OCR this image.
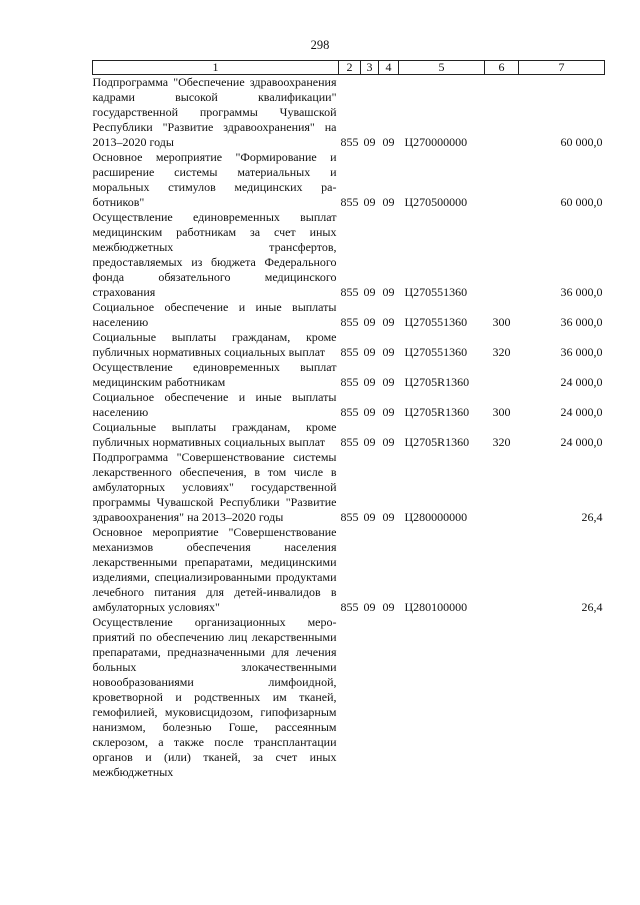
298
1	2	3	4	5	6	7
Подпрограмма "Обеспечение здравоохранения кадрами высокой квалификации" государственной программы Чувашской Республики "Развитие здравоохранения" на 2013–2020 годы	855	09	09	Ц270000000		60 000,0
Основное мероприятие "Формирование и расширение системы материальных и моральных стимулов медицинских работников"	855	09	09	Ц270500000		60 000,0
Осуществление единовременных выплат медицинским работникам за счет иных межбюджетных трансфертов, предоставляемых из бюджета Федерального фонда обязательного медицинского страхования	855	09	09	Ц270551360		36 000,0
Социальное обеспечение и иные выплаты населению	855	09	09	Ц270551360	300	36 000,0
Социальные выплаты гражданам, кроме публичных нормативных социальных выплат	855	09	09	Ц270551360	320	36 000,0
Осуществление единовременных выплат медицинским работникам	855	09	09	Ц2705R1360		24 000,0
Социальное обеспечение и иные выплаты населению	855	09	09	Ц2705R1360	300	24 000,0
Социальные выплаты гражданам, кроме публичных нормативных социальных выплат	855	09	09	Ц2705R1360	320	24 000,0
Подпрограмма "Совершенствование системы лекарственного обеспечения, в том числе в амбулаторных условиях" государственной программы Чувашской Республики "Развитие здравоохранения" на 2013–2020 годы	855	09	09	Ц280000000		26,4
Основное мероприятие "Совершенствование механизмов обеспечения населения лекарственными препаратами, медицинскими изделиями, специализированными продуктами лечебного питания для детей-инвалидов в амбулаторных условиях"	855	09	09	Ц280100000		26,4
Осуществление организационных мероприятий по обеспечению лиц лекарственными препаратами, предназначенными для лечения больных злокачественными новообразованиями лимфоидной, кроветворной и родственных им тканей, гемофилией, муковисцидозом, гипофизарным нанизмом, болезнью Гоше, рассеянным склерозом, а также после трансплантации органов и (или) тканей, за счет иных межбюджетных						
